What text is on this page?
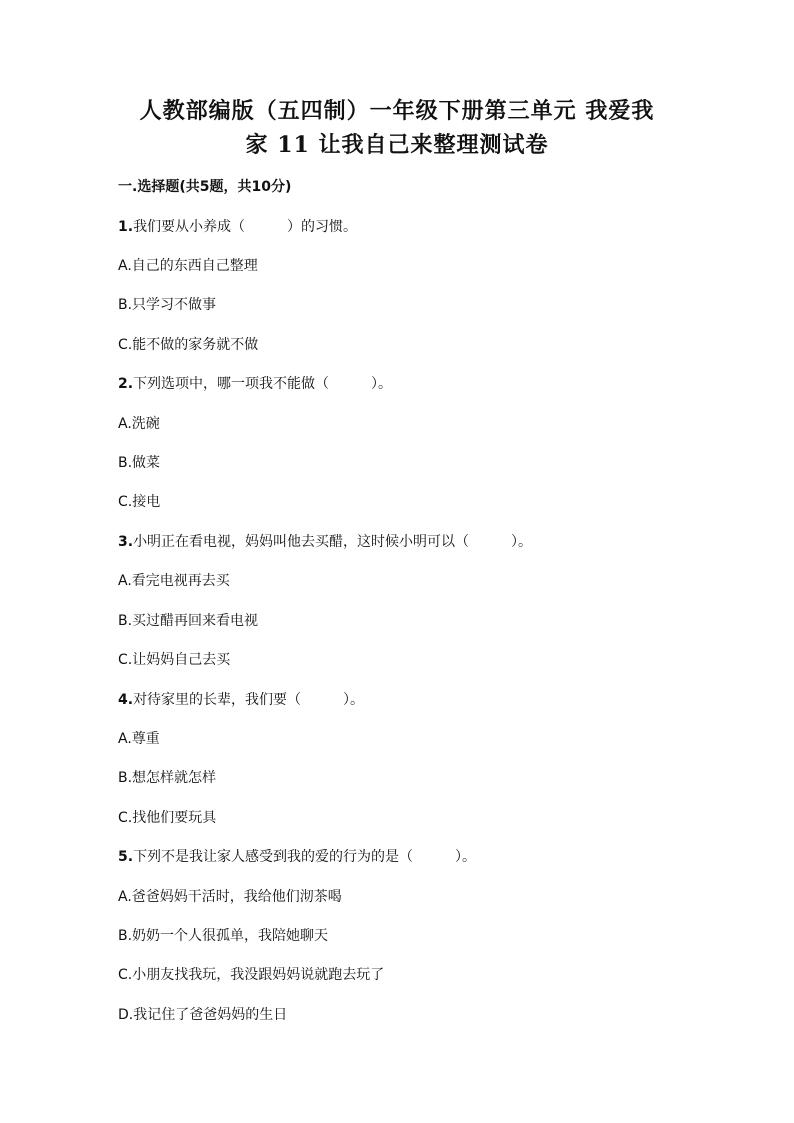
人教部编版（五四制）一年级下册第三单元 我爱我
家 11 让我自己来整理测试卷
一.选择题(共5题，共10分)
1.我们要从小养成（　　　）的习惯。
A.自己的东西自己整理
B.只学习不做事
C.能不做的家务就不做
2.下列选项中，哪一项我不能做（　　　）。
A.洗碗
B.做菜
C.接电
3.小明正在看电视，妈妈叫他去买醋，这时候小明可以（　　　）。
A.看完电视再去买
B.买过醋再回来看电视
C.让妈妈自己去买
4.对待家里的长辈，我们要（　　　）。
A.尊重
B.想怎样就怎样
C.找他们要玩具
5.下列不是我让家人感受到我的爱的行为的是（　　　）。
A.爸爸妈妈干活时，我给他们沏茶喝
B.奶奶一个人很孤单，我陪她聊天
C.小朋友找我玩，我没跟妈妈说就跑去玩了
D.我记住了爸爸妈妈的生日
